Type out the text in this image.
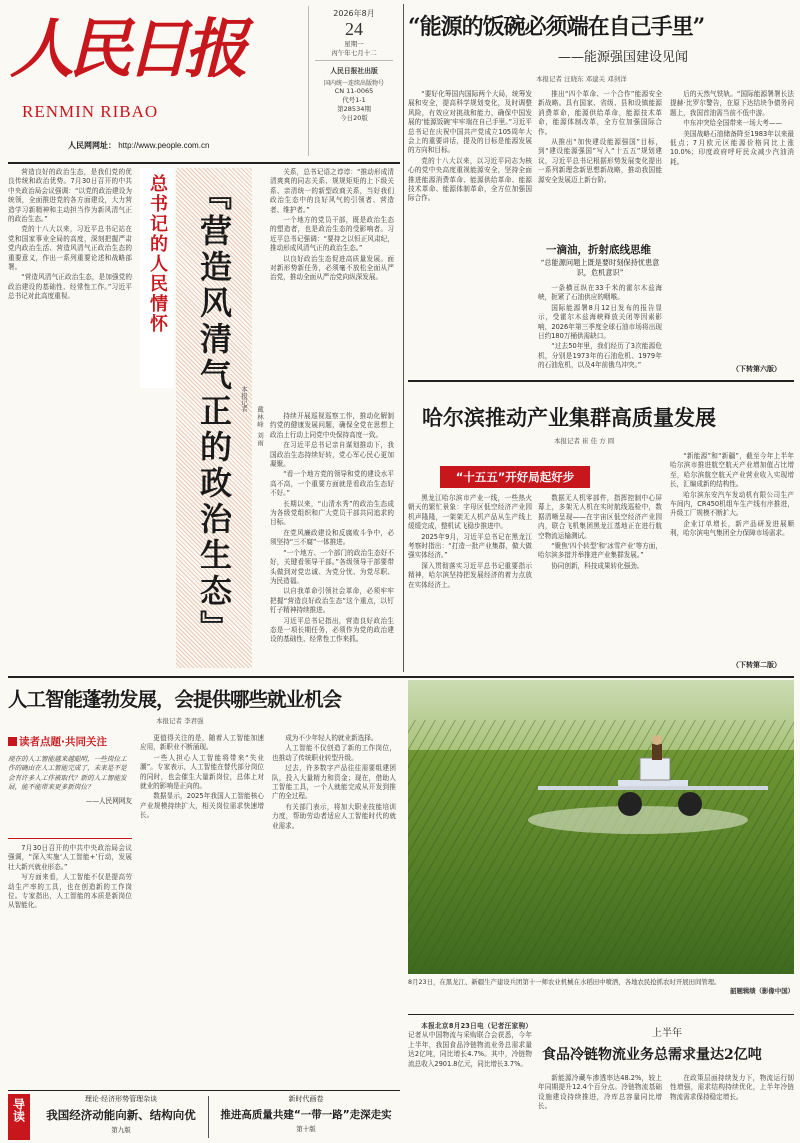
人民日报
RENMIN RIBAO
人民网网址： http://www.people.com.cn
2026年8月
24
星期一
丙午年七月十二
人民日报社出版
国内统一连续出版物号
CN 11-0065
代号1-1
第28534期
今日20版
“能源的饭碗必须端在自己手里”
——能源强国建设见闻
本报记者 汪晓东 邓建关 邓剑洋

“要好化筹国内国际两个大局，统筹发展和安全，提高科学规划变化，及时调整风险，有效应对挑战和能力，确保中国发展的‘能源饭碗’牢牢端在自己手里。”习近平总书记在庆祝中国共产党成立105周年大会上的重要讲话，提及的目标是能源发展的方向和目标。

党的十八大以来，以习近平同志为核心的党中央高度重视能源安全，坚持全面推进能源消费革命、能源供给革命、能源技术革命、能源体制革命，全方位加强国际合作。

推出“四个革命、一个合作”能源安全新战略。具有国家、省级、县和设镇能源消费革命，能源供给革命，能源技术革命，能源体制改革，全方位加强国际合作。

从推出“加快建设能源强国”目标，到“建设能源强国”写入“十五五”规划建议，习近平总书记根据形势发展变化提出一系列新理念新思想新战略，推动我国能源安全发展迈上新台阶。

一滴油，折射底线思维
“总能源问题上既是要时刻保持忧患意识，危机意识”

一条横亘纵在33千米的霍尔木兹海峡，扼紧了石油供应的咽喉。

国际能源署8月12日发布的报告显示，受霍尔木兹海峡释放关闭等因素影响，2026年第三季度全球石油市场将出现日约180万桶供需缺口。

“过去50年里，我们经历了3次能源危机，分别是1973年的石油危机、1979年的石油危机，以及4年前俄乌冲突。”

后的天然气铁轨。“国际能源署署长法提赫·比罗尔警告，在原下达结块争债务问题上，我国首油需当前不低中游。

中东冲突给全国带来一场大考——

美国战略石油储备降至1983年以来最低点；7月欧元区能源价格同比上涨10.0%；印度政府呼吁民众减少汽油消耗。

（下转第六版）

营造良好的政治生态，是我们党的优良传统和政治优势。7月30日召开的中共中央政治局会议强调：“以党的政治建设为统领，全面推进党的各方面建设，大力营造学习新精神和主动担当作为新风清气正的政治生态。”

党的十八大以来，习近平总书记站在党和国家事业全局的高度，深刻把握严肃党内政治生活、营造风清气正政治生态的重要意义，作出一系列重要论述和战略部署。

“营造风清气正政治生态，是加强党的政治建设的基础性、经常性工作。”习近平总书记对此高度重视。	总书记的人民情怀 『营造风清气正的政治生态』	本报记者
戴林峰 刘雨

关系，总书记语之谆谆：“推动形成清清爽爽的同志关系、规规矩矩的上下级关系、亲清统一的新型政商关系，当好我们政治生态中的良好风气的引领者、营造者、维护者。”

一个地方的党员干部，既是政治生态的塑造者，也是政治生态的受影响者。习近平总书记强调：“要持之以恒正风肃纪，推动形成风清气正的政治生态。”

以良好政治生态促进高质量发展。面对新形势新任务，必须毫不放松全面从严治党，推动全面从严治党向纵深发展。

持续开展巡视巡察工作，推动化解制约党的健康发展问题，确保全党在思想上政治上行动上同党中央保持高度一致。

在习近平总书记亲自谋划推动下，我国政治生态持续好转，党心军心民心更加凝聚。

“看一个地方党的领导和党的建设水平高不高，一个重要方面就是看政治生态好不好。”

长期以来，“山清水秀”的政治生态成为各级党组织和广大党员干部共同追求的目标。

在党风廉政建设和反腐败斗争中，必须坚持“三不腐”一体推进。

“一个地方、一个部门的政治生态好不好，关键看领导干部。”各级领导干部要带头做到对党忠诚、为党分忧、为党尽职、为民造福。

以自我革命引领社会革命，必须牢牢把握“营造良好政治生态”这个重点，以钉钉子精神持续推进。

习近平总书记指出，营造良好政治生态是一项长期任务，必须作为党的政治建设的基础性、经常性工作来抓。

哈尔滨推动产业集群高质量发展
本报记者 崔 佳 方 圆
“十五五”开好局起好步

黑龙江哈尔滨市产业一线，一些热火朝天的繁忙景象：字母区低空经济产业园机声隆隆，一架架无人机产品从生产线上缓缓完成，整机试飞稳步推进中。

2025年9月，习近平总书记在黑龙江考察时指出：“打造一批产业集群，做大做强实体经济。”

深入贯彻落实习近平总书记重要指示精神，哈尔滨坚持把发展经济的着力点放在实体经济上。

数据无人机零部件，指挥控制中心屏幕上，多架无人机在实时航线巡检中，数据清晰呈现——在宇宙区低空经济产业园内，联合飞机集团黑龙江基地正在进行航空物流运输测试。

“聚焦‘四个转型’和‘冰雪产业’等方面，哈尔滨多措并举推进产业集群发展。”

协同创新，科技成果转化强劲。

“新能源”和“新疆”，截至今年上半年哈尔滨市推进航空航天产业增加值占比增至，哈尔滨航空航天产业营业收入实现增长，汇编成新的结构性。

哈尔滨东安汽车发动机有限公司生产车间内，CR450机组车生产线有序推进，升级工厂规模不断扩大。

企业订单增长，新产品研发进展顺利，哈尔滨电气集团全力保障市场需求。

（下转第二版）
人工智能蓬勃发展，会提供哪些就业机会
本报记者 李君强
读者点题·共同关注
现在的人工智能越来越聪明，一些岗位工作的确由在人工智能完成了，未来是不是会有许多人工作被取代？新的人工智能发展，能不能带来更多新岗位？
——人民网网友

7月30日召开的中共中央政治局会议强调，“深入实施‘人工智能+’行动，发展壮大新兴就业形态。”

写方面来看，人工智能不仅是提高劳动生产率的工具，也在创造新的工作岗位。专家指出，人工智能的本质是新岗位从智能化。

更值得关注的是，随着人工智能加速应用，新职业不断涌现。

一些人担心人工智能将带来“失业潮”。专家表示，人工智能在替代部分岗位的同时，也会催生大量新岗位，总体上对就业的影响是正向的。

数据显示，2025年我国人工智能核心产业规模持续扩大，相关岗位需求快速增长。

成为不少年轻人的就业新选择。

人工智能不仅创造了新的工作岗位，也推动了传统职业转型升级。

过去，许多数字产品往往需要组建团队，投入大量精力和资金；现在，借助人工智能工具，一个人就能完成从开发到推广的全过程。

有关部门表示，将加大职业技能培训力度，帮助劳动者适应人工智能时代的就业需求。

8月23日，在黑龙江、新疆生产建设兵团第十一师农业机械在水稻田中喷洒，各地农民抢抓农时开展田间管理。
韶题辑绩（影像中国）

本报北京8月23日电（记者汪家驹）记者从中国物流与采购联合会获悉，今年上半年，我国食品冷链物流业务总需求量达2亿吨，同比增长4.7%。其中，冷链物流总收入2901.8亿元，同比增长3.7%。

上半年
食品冷链物流业务总需求量达2亿吨

新能源冷藏车渗透率达48.2%，较上年同期提升12.4个百分点。冷链物流基础设施建设持续推进，冷库总容量同比增长。

在政策层面持续发力下，物流运行韧性增强，需求结构持续优化，上半年冷链物流需求保持稳定增长。

导读	理论·经济形势管理杂谈
我国经济动能向新、结构向优
第九版
新时代画卷
推进高质量共建“一带一路”走深走实
第十版
